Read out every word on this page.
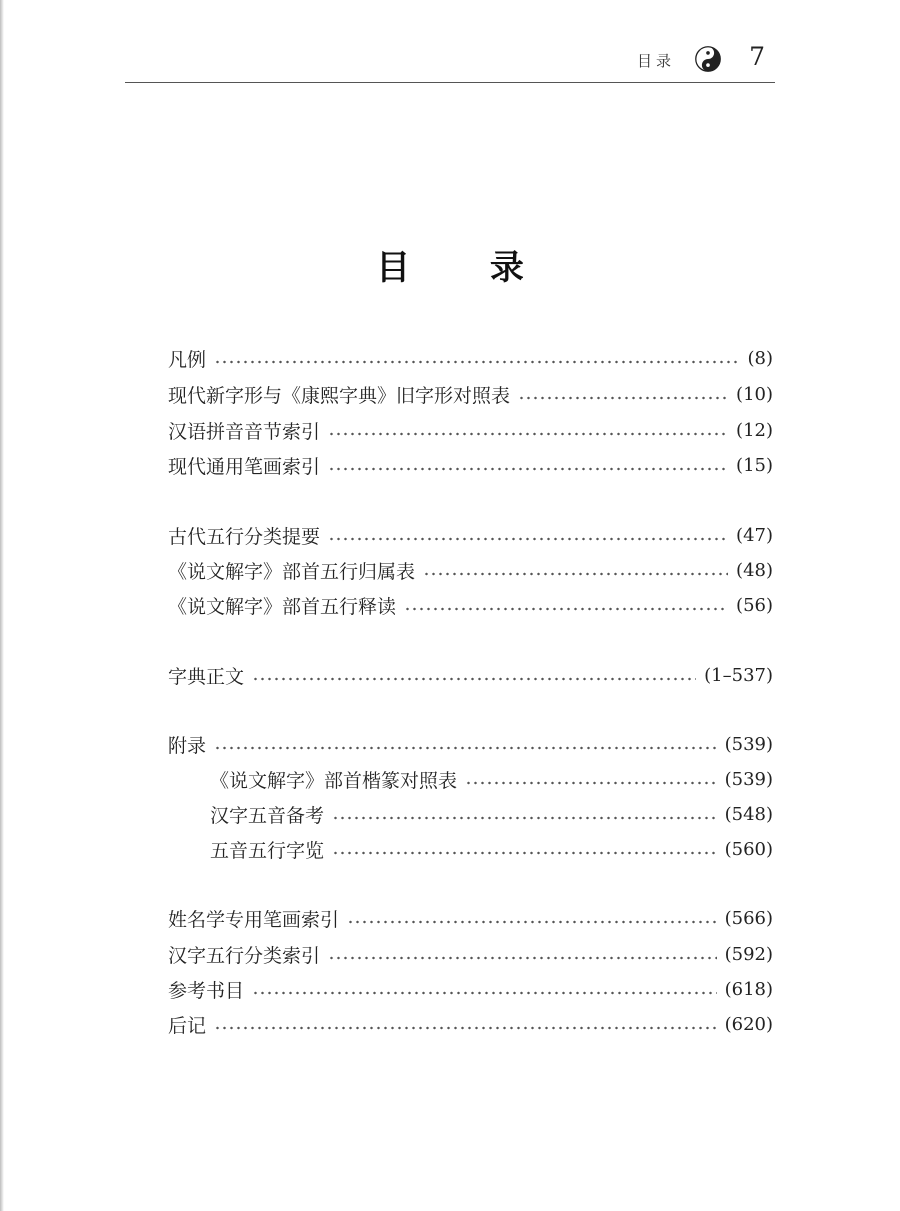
目录	7
目 录
凡例	(8)
现代新字形与《康熙字典》旧字形对照表	(10)
汉语拼音音节索引	(12)
现代通用笔画索引	(15)
古代五行分类提要	(47)
《说文解字》部首五行归属表	(48)
《说文解字》部首五行释读	(56)
字典正文	(1–537)
附录	(539)
《说文解字》部首楷篆对照表	(539)
汉字五音备考	(548)
五音五行字览	(560)
姓名学专用笔画索引	(566)
汉字五行分类索引	(592)
参考书目	(618)
后记	(620)
